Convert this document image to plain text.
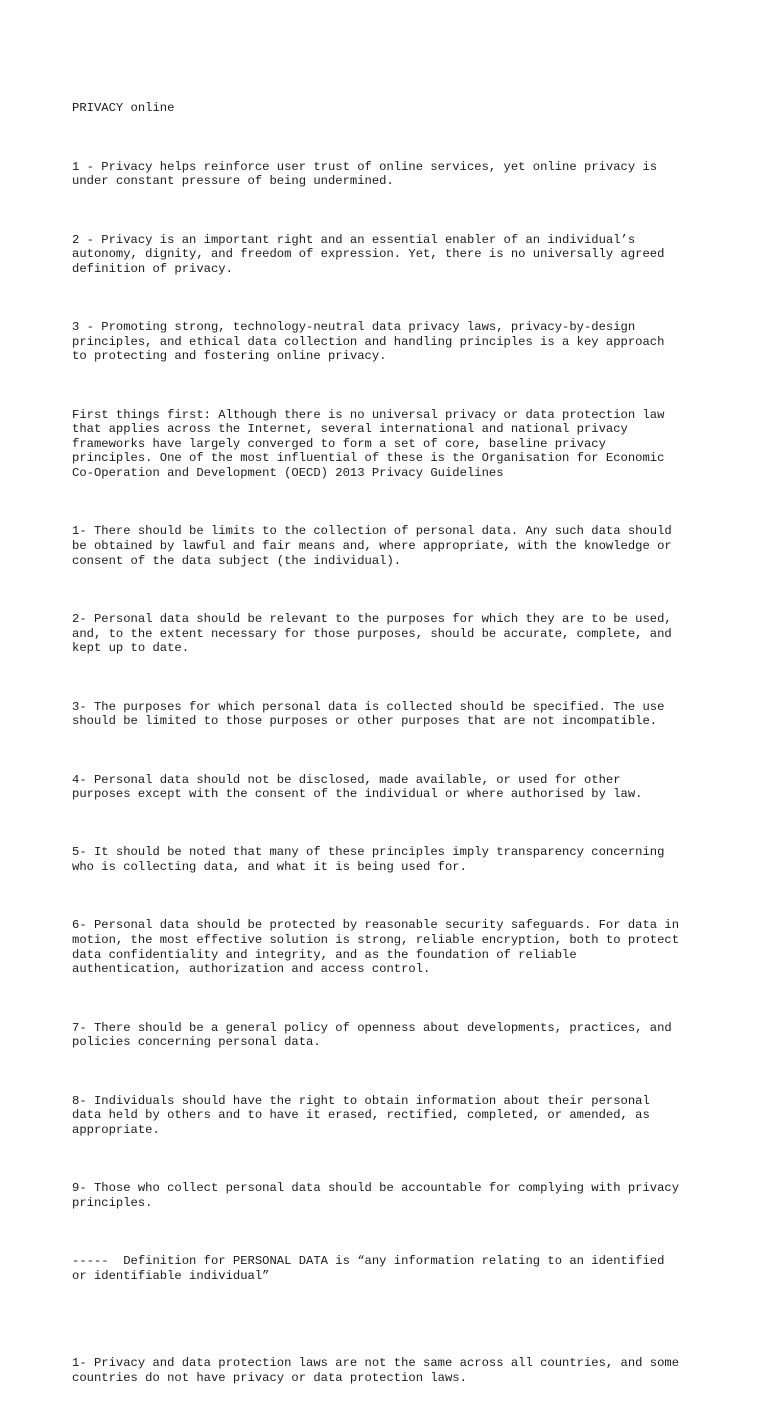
PRIVACY online

1 - Privacy helps reinforce user trust of online services, yet online privacy is
under constant pressure of being undermined.

2 - Privacy is an important right and an essential enabler of an individual’s
autonomy, dignity, and freedom of expression. Yet, there is no universally agreed
definition of privacy.

3 - Promoting strong, technology-neutral data privacy laws, privacy-by-design
principles, and ethical data collection and handling principles is a key approach
to protecting and fostering online privacy.

First things first: Although there is no universal privacy or data protection law
that applies across the Internet, several international and national privacy
frameworks have largely converged to form a set of core, baseline privacy
principles. One of the most influential of these is the Organisation for Economic
Co-Operation and Development (OECD) 2013 Privacy Guidelines

1- There should be limits to the collection of personal data. Any such data should
be obtained by lawful and fair means and, where appropriate, with the knowledge or
consent of the data subject (the individual).

2- Personal data should be relevant to the purposes for which they are to be used,
and, to the extent necessary for those purposes, should be accurate, complete, and
kept up to date.

3- The purposes for which personal data is collected should be specified. The use
should be limited to those purposes or other purposes that are not incompatible.

4- Personal data should not be disclosed, made available, or used for other
purposes except with the consent of the individual or where authorised by law.

5- It should be noted that many of these principles imply transparency concerning
who is collecting data, and what it is being used for.

6- Personal data should be protected by reasonable security safeguards. For data in
motion, the most effective solution is strong, reliable encryption, both to protect
data confidentiality and integrity, and as the foundation of reliable
authentication, authorization and access control.

7- There should be a general policy of openness about developments, practices, and
policies concerning personal data.

8- Individuals should have the right to obtain information about their personal
data held by others and to have it erased, rectified, completed, or amended, as
appropriate.

9- Those who collect personal data should be accountable for complying with privacy
principles.

-----  Definition for PERSONAL DATA is “any information relating to an identified
or identifiable individual”

1- Privacy and data protection laws are not the same across all countries, and some
countries do not have privacy or data protection laws.
